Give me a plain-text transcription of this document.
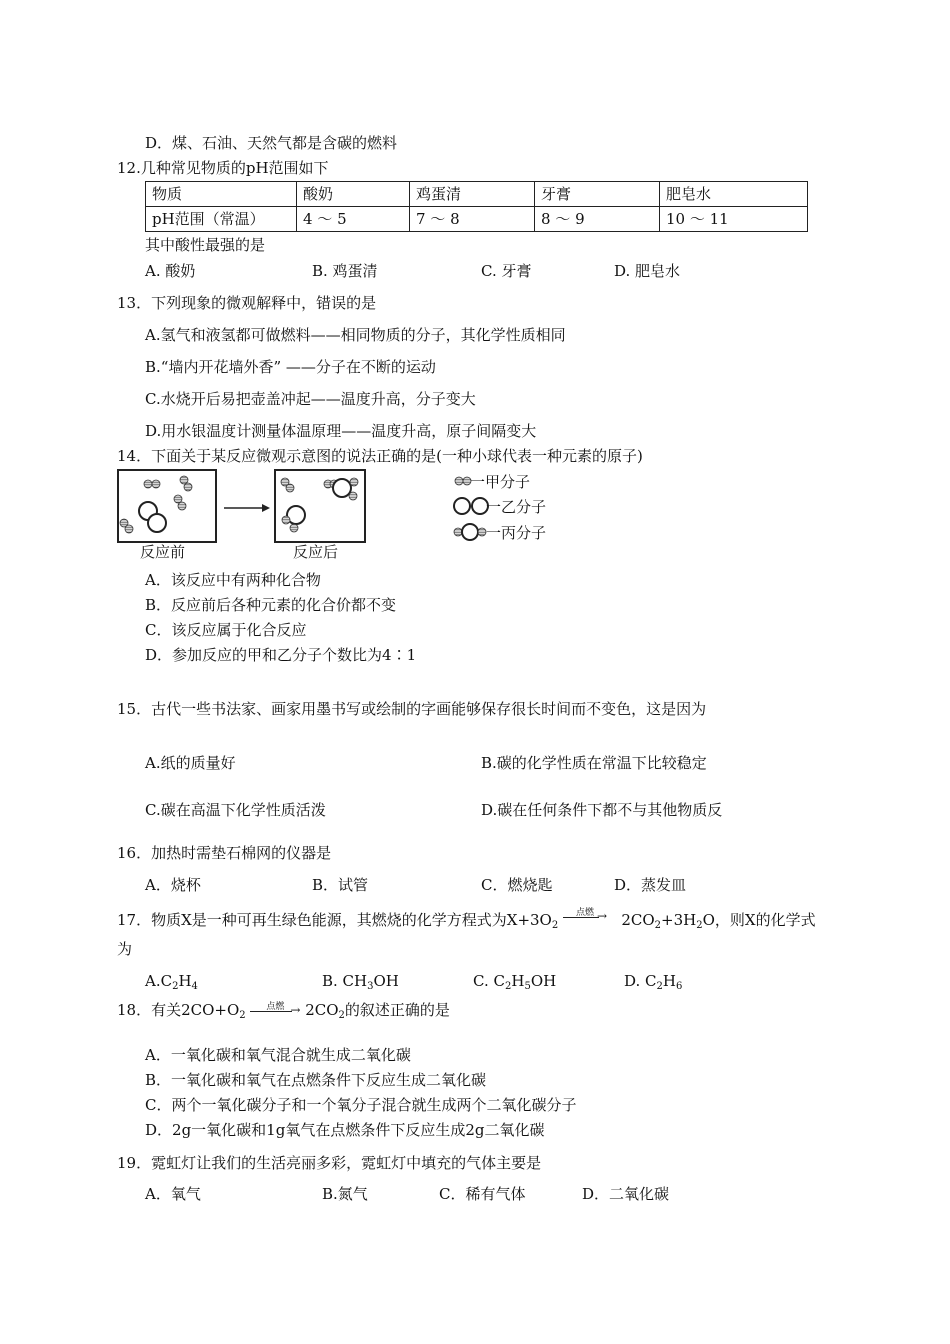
D．煤、石油、天然气都是含碳的燃料
12.几种常见物质的pH范围如下
物质	酸奶	鸡蛋清	牙膏	肥皂水
pH范围（常温）	4 ～ 5	7 ～ 8	8 ～ 9	10 ～ 11
其中酸性最强的是
A. 酸奶	B. 鸡蛋清	C. 牙膏	D. 肥皂水
13．下列现象的微观解释中，错误的是
A.氢气和液氢都可做燃料——相同物质的分子，其化学性质相同
B.“墙内开花墙外香” ——分子在不断的运动
C.水烧开后易把壶盖冲起——温度升高，分子变大
D.用水银温度计测量体温原理——温度升高，原子间隔变大
14．下面关于某反应微观示意图的说法正确的是(一种小球代表一种元素的原子)
一甲分子
一乙分子
一丙分子
反应前	反应后
A．该反应中有两种化合物
B．反应前后各种元素的化合价都不变
C．该反应属于化合反应
D．参加反应的甲和乙分子个数比为4∶1
15．古代一些书法家、画家用墨书写或绘制的字画能够保存很长时间而不变色，这是因为
A.纸的质量好	B.碳的化学性质在常温下比较稳定
C.碳在高温下化学性质活泼	D.碳在任何条件下都不与其他物质反
16．加热时需垫石棉网的仪器是
A．烧杯	B．试管	C．燃烧匙	D．蒸发皿
17．物质X是一种可再生绿色能源，其燃烧的化学方程式为$X+3O_2$
点燃 → $2CO_2+3H_2O$，则X的化学式
为
$A.C_2H_4$	B. $CH_3OH$	C. $C_2H_5OH$	D. $C_2H_6$
18．有关$2CO+O_2$
点燃 → $2CO_2$的叙述正确的是
A．一氧化碳和氧气混合就生成二氧化碳
B．一氧化碳和氧气在点燃条件下反应生成二氧化碳
C．两个一氧化碳分子和一个氧分子混合就生成两个二氧化碳分子
D．2g一氧化碳和1g氧气在点燃条件下反应生成2g二氧化碳
19．霓虹灯让我们的生活亮丽多彩，霓虹灯中填充的气体主要是
A．氧气	B.氮气	C．稀有气体	D．二氧化碳
